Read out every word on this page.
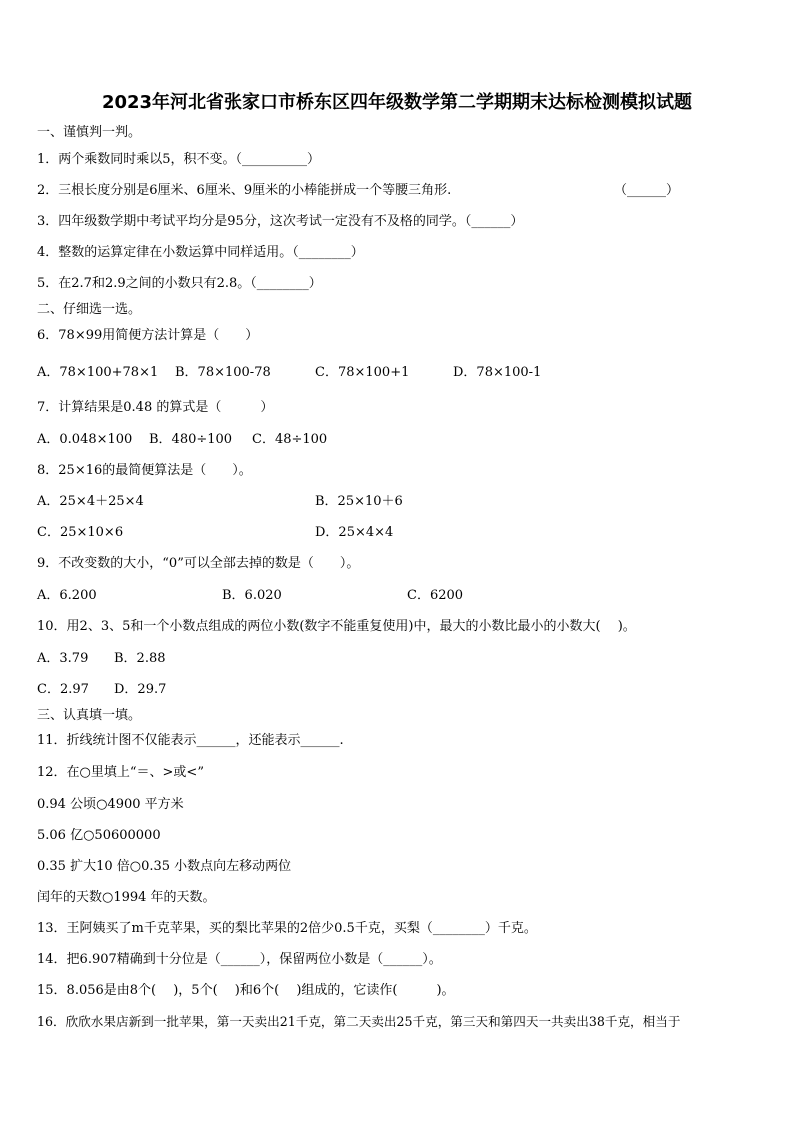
2023年河北省张家口市桥东区四年级数学第二学期期末达标检测模拟试题
一、谨慎判一判。
1．两个乘数同时乘以5，积不变。（__________）
2．三根长度分别是6厘米、6厘米、9厘米的小棒能拼成一个等腰三角形.	（______）
3．四年级数学期中考试平均分是95分，这次考试一定没有不及格的同学。（______）
4．整数的运算定律在小数运算中同样适用。（________）
5．在2.7和2.9之间的小数只有2.8。（________）
二、仔细选一选。
6．78×99用简便方法计算是（　　）
A．78×100+78×1 B．78×100-78	C．78×100+1	D．78×100-1
7．计算结果是0.48 的算式是（　　　）
A．0.048×100 B．480÷100 C．48÷100
8．25×16的最简便算法是（　　）。
A．25×4＋25×4	B．25×10＋6
C．25×10×6	D．25×4×4
9．不改变数的大小，“0”可以全部去掉的数是（　　）。
A．6.200	B．6.020	C．6200
10．用2、3、5和一个小数点组成的两位小数(数字不能重复使用)中，最大的小数比最小的小数大(　 )。
A．3.79 B．2.88
C．2.97 D．29.7
三、认真填一填。
11．折线统计图不仅能表示______，还能表示______.
12．在○里填上“＝、>或<”
0.94 公顷○4900 平方米
5.06 亿○50600000
0.35 扩大10 倍○0.35 小数点向左移动两位
闰年的天数○1994 年的天数。
13．王阿姨买了m千克苹果，买的梨比苹果的2倍少0.5千克，买梨（________）千克。
14．把6.907精确到十分位是（______），保留两位小数是（______）。
15．8.056是由8个(　 )，5个(　 )和6个(　 )组成的，它读作(　　　)。
16．欣欣水果店新到一批苹果，第一天卖出21千克，第二天卖出25千克，第三天和第四天一共卖出38千克，相当于
